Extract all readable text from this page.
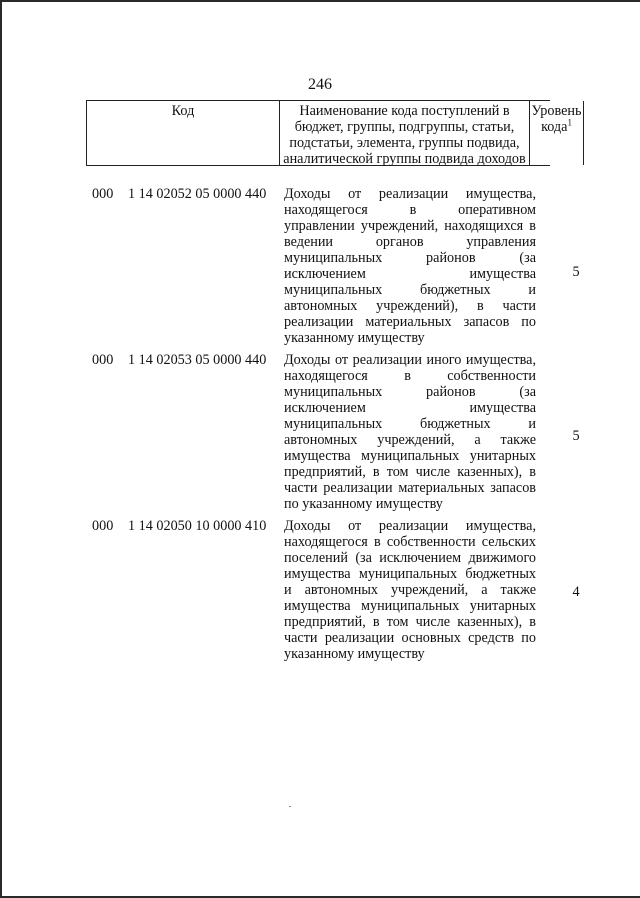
246
Код	Наименование кода поступлений в
бюджет, группы, подгруппы, статьи,
подстатьи, элемента, группы подвида,
аналитической группы подвида доходов
Уровень
кода$^1$
000 1 14 02052 05 0000 440 Доходы от реализации имущества,
находящегося в оперативном
управлении учреждений, находящихся в
ведении органов управления
муниципальных районов (за
исключением имущества
муниципальных бюджетных и
автономных учреждений), в части
реализации материальных запасов по
указанному имуществу
5
000 1 14 02053 05 0000 440 Доходы от реализации иного имущества,
находящегося в собственности
муниципальных районов (за
исключением имущества
муниципальных бюджетных и
автономных учреждений, а также
имущества муниципальных унитарных
предприятий, в том числе казенных), в
части реализации материальных запасов
по указанному имуществу
5
000 1 14 02050 10 0000 410 Доходы от реализации имущества,
находящегося в собственности сельских
поселений (за исключением движимого
имущества муниципальных бюджетных
и автономных учреждений, а также
имущества муниципальных унитарных
предприятий, в том числе казенных), в
части реализации основных средств по
указанному имуществу
4
